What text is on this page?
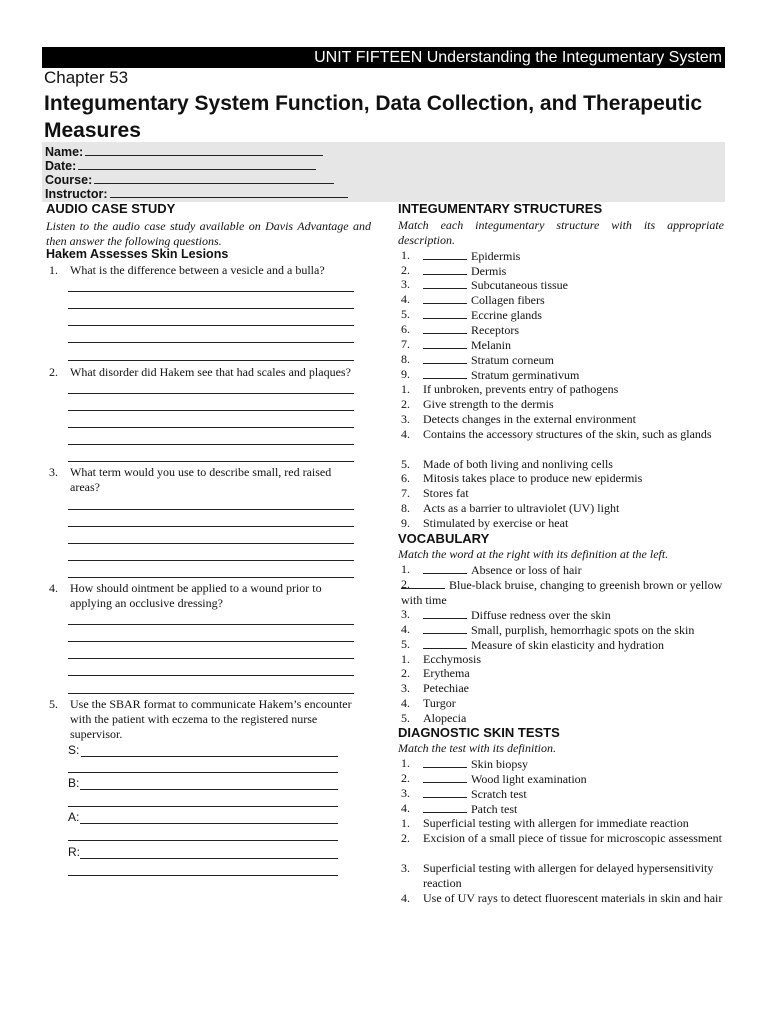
UNIT FIFTEEN Understanding the Integumentary System
Chapter 53
Integumentary System Function, Data Collection, and Therapeutic Measures
Name:
Date:
Course:
Instructor:
AUDIO CASE STUDY
Listen to the audio case study available on Davis Advantage and then answer the following questions.
Hakem Assesses Skin Lesions
1.	What is the difference between a vesicle and a bulla?
2.	What disorder did Hakem see that had scales and plaques?
3.	What term would you use to describe small, red raised areas?
4.	How should ointment be applied to a wound prior to applying an occlusive dressing?
5.	Use the SBAR format to communicate Hakem’s encounter with the patient with eczema to the registered nurse supervisor.
S:
B:
A:
R:
INTEGUMENTARY STRUCTURES
Match each integumentary structure with its appropriate description.
1.	Epidermis
2.	Dermis
3.	Subcutaneous tissue
4.	Collagen fibers
5.	Eccrine glands
6.	Receptors
7.	Melanin
8.	Stratum corneum
9.	Stratum germinativum
1.	If unbroken, prevents entry of pathogens
2.	Give strength to the dermis
3.	Detects changes in the external environment
4.	Contains the accessory structures of the skin, such as glands
5.	Made of both living and nonliving cells
6.	Mitosis takes place to produce new epidermis
7.	Stores fat
8.	Acts as a barrier to ultraviolet (UV) light
9.	Stimulated by exercise or heat
VOCABULARY
Match the word at the right with its definition at the left.
1.	Absence or loss of hair
2.	Blue-black bruise, changing to greenish brown or yellow with time
3.	Diffuse redness over the skin
4.	Small, purplish, hemorrhagic spots on the skin
5.	Measure of skin elasticity and hydration
1.	Ecchymosis
2.	Erythema
3.	Petechiae
4.	Turgor
5.	Alopecia
DIAGNOSTIC SKIN TESTS
Match the test with its definition.
1.	Skin biopsy
2.	Wood light examination
3.	Scratch test
4.	Patch test
1.	Superficial testing with allergen for immediate reaction
2.	Excision of a small piece of tissue for microscopic assessment
3.	Superficial testing with allergen for delayed hypersensitivity reaction
4.	Use of UV rays to detect fluorescent materials in skin and hair
